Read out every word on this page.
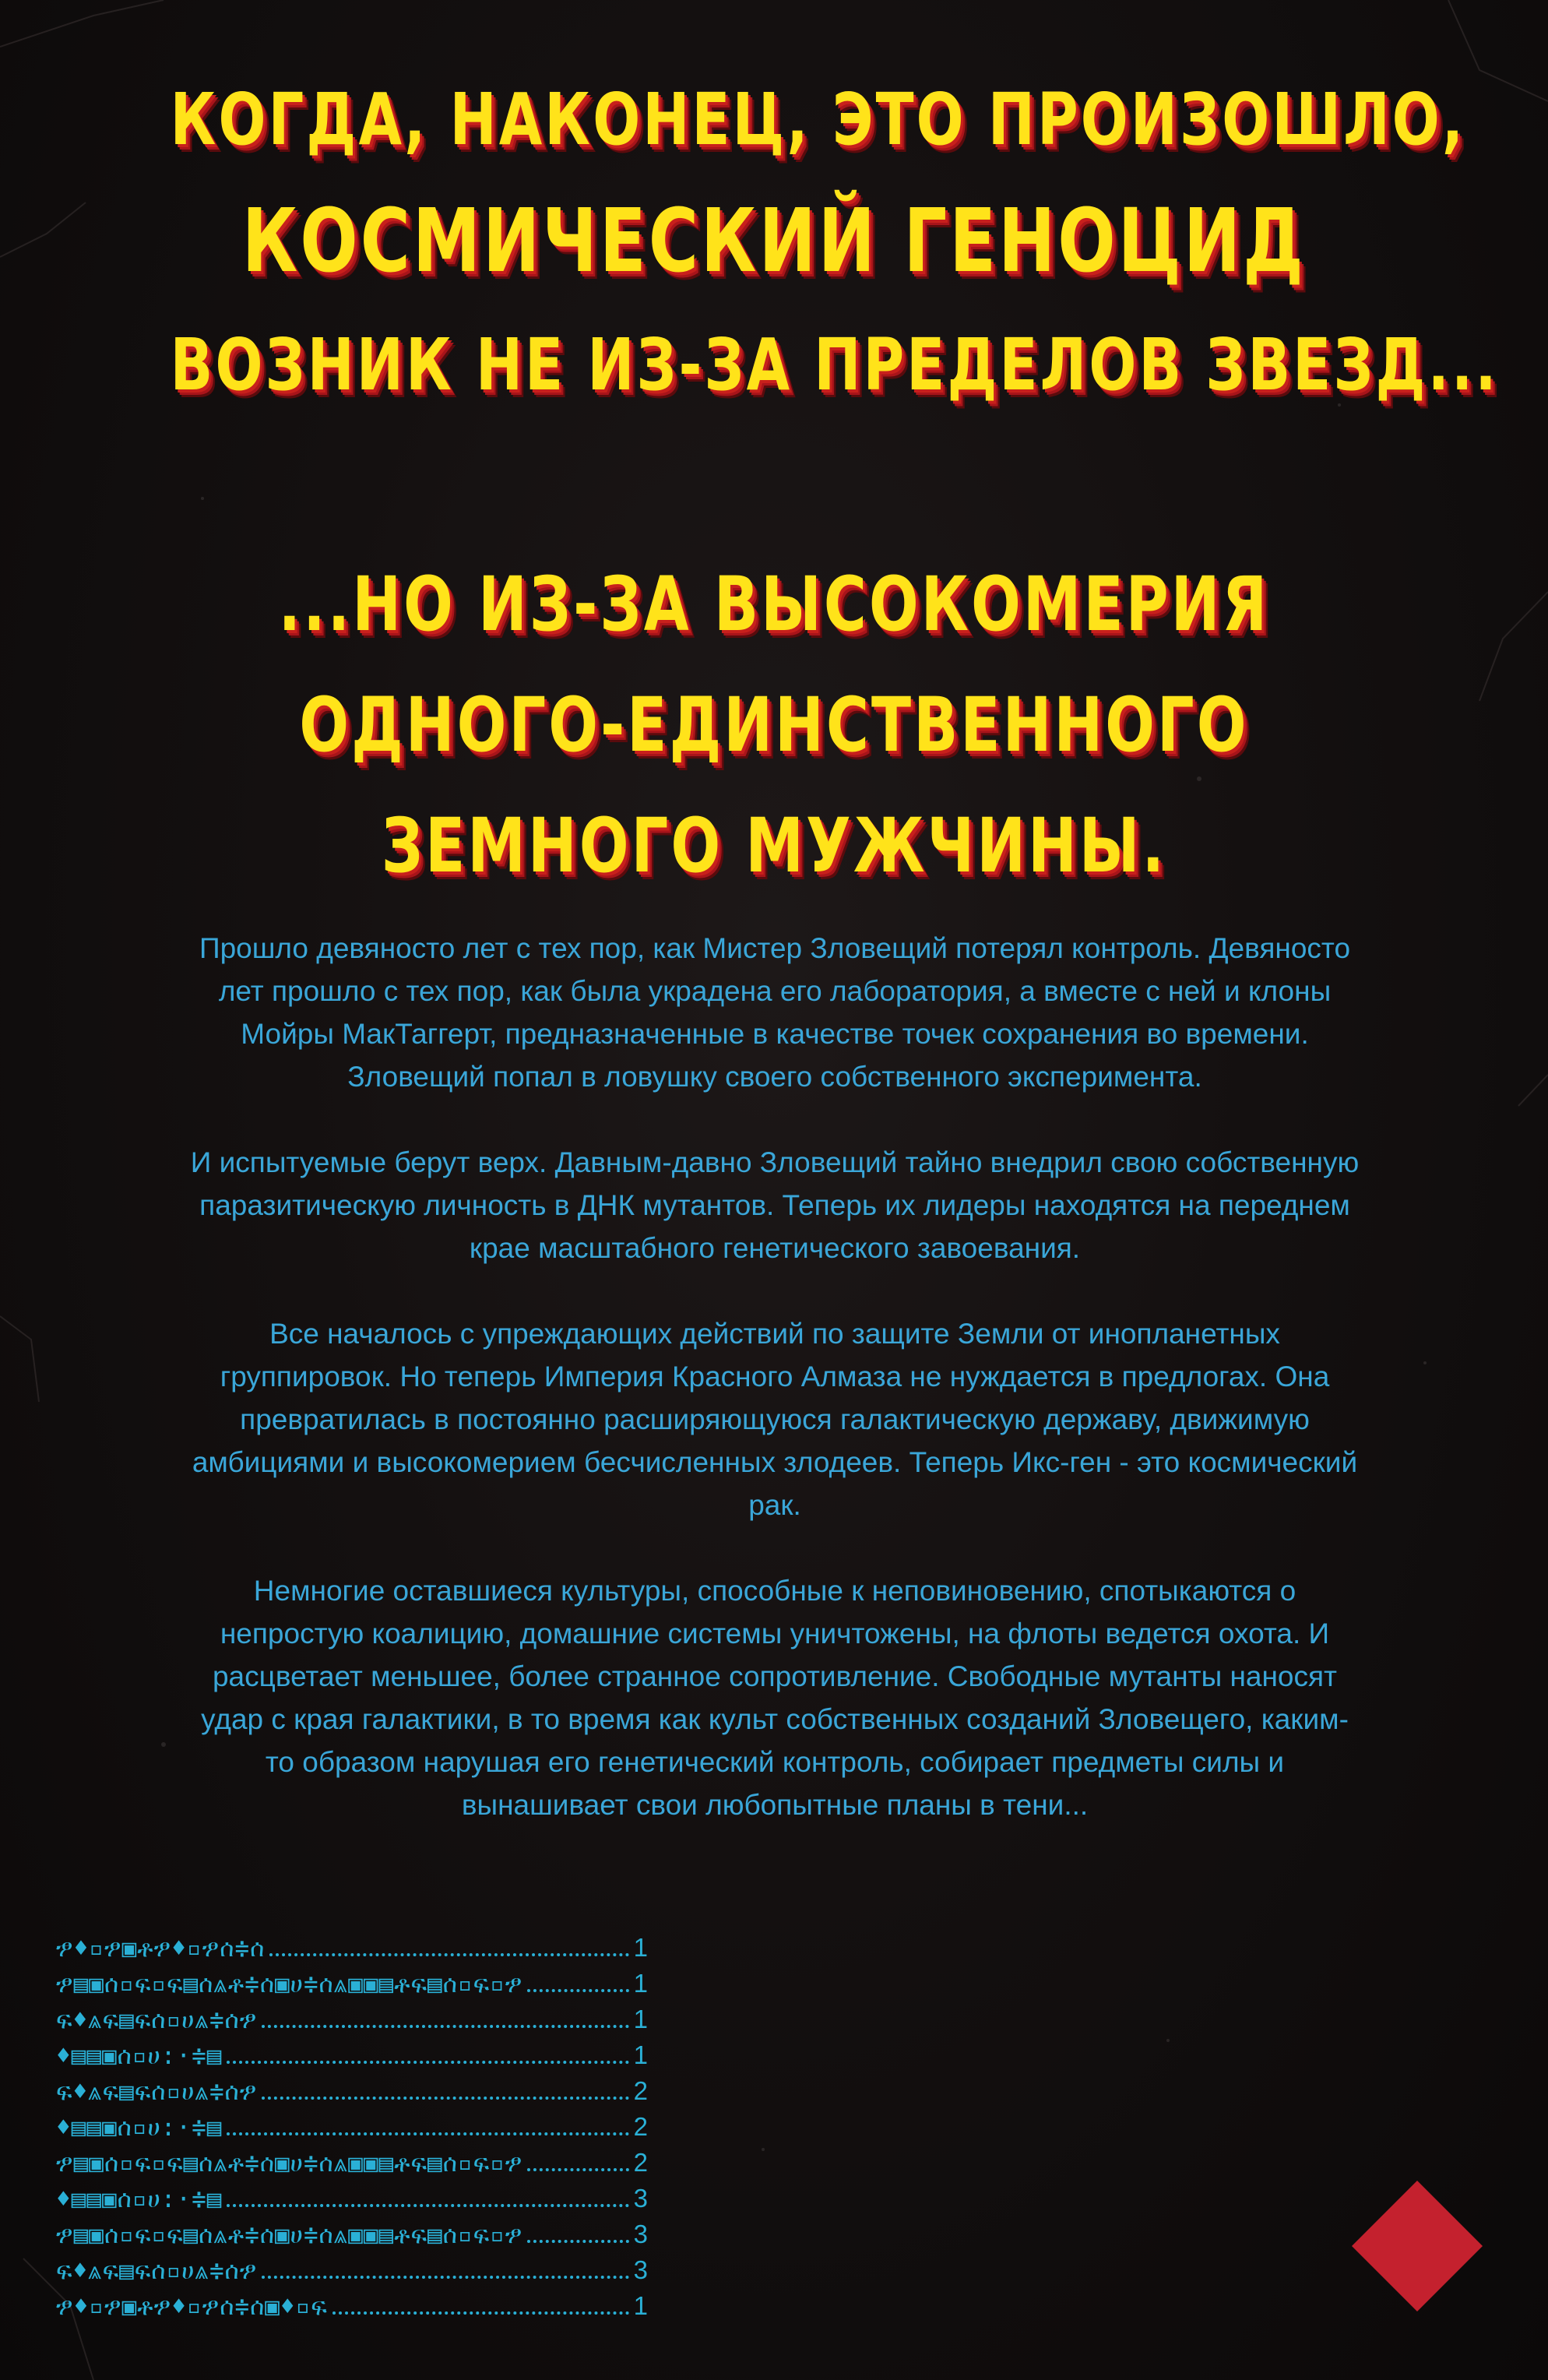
КОГДА, НАКОНЕЦ, ЭТО ПРОИЗОШЛО,
КОСМИЧЕСКИЙ ГЕНОЦИД
ВОЗНИК НЕ ИЗ-ЗА ПРЕДЕЛОВ ЗВЕЗД...
...НО ИЗ-ЗА ВЫСОКОМЕРИЯ
ОДНОГО-ЕДИНСТВЕННОГО
ЗЕМНОГО МУЖЧИНЫ.
Прошло девяносто лет с тех пор, как Мистер Зловещий потерял контроль. Девяносто лет прошло с тех пор, как была украдена его лаборатория, а вместе с ней и клоны Мойры МакТаггерт, предназначенные в качестве точек сохранения во времени. Зловещий попал в ловушку своего собственного эксперимента.
И испытуемые берут верх. Давным-давно Зловещий тайно внедрил свою собственную паразитическую личность в ДНК мутантов. Теперь их лидеры находятся на переднем крае масштабного генетического завоевания.
Все началось с упреждающих действий по защите Земли от инопланетных группировок. Но теперь Империя Красного Алмаза не нуждается в предлогах. Она превратилась в постоянно расширяющуюся галактическую державу, движимую амбициями и высокомерием бесчисленных злодеев. Теперь Икс-ген - это космический рак.
Немногие оставшиеся культуры, способные к неповиновению, спотыкаются о непростую коалицию, домашние системы уничтожены, на флоты ведется охота. И расцветает меньшее, более странное сопротивление. Свободные мутанты наносят удар с края галактики, в то время как культ собственных созданий Зловещего, каким-то образом нарушая его генетический контроль, собирает предметы силы и вынашивает свои любопытные планы в тени...
ፇ♦▫ፇ▣ቶፇ♦▫ፇሰ≑ሰ	1
ፇ▤▣ሰ▫ፍ▫ፍ▤ሰ⩓ቶ≑ሰ▣ሀ≑ሰ⩓▣▣▤ቶፍ▤ሰ▫ፍ▫ፇ	1
ፍ♦⩓ፍ▤ፍሰ▫ሀ⩓≑ሰፇ	1
♦▤▤▣ሰ▫ሀ:·≑▤	1
ፍ♦⩓ፍ▤ፍሰ▫ሀ⩓≑ሰፇ	2
♦▤▤▣ሰ▫ሀ:·≑▤	2
ፇ▤▣ሰ▫ፍ▫ፍ▤ሰ⩓ቶ≑ሰ▣ሀ≑ሰ⩓▣▣▤ቶፍ▤ሰ▫ፍ▫ፇ	2
♦▤▤▣ሰ▫ሀ:·≑▤	3
ፇ▤▣ሰ▫ፍ▫ፍ▤ሰ⩓ቶ≑ሰ▣ሀ≑ሰ⩓▣▣▤ቶፍ▤ሰ▫ፍ▫ፇ	3
ፍ♦⩓ፍ▤ፍሰ▫ሀ⩓≑ሰፇ	3
ፇ♦▫ፇ▣ቶፇ♦▫ፇሰ≑ሰ▣♦▫ፍ	1
